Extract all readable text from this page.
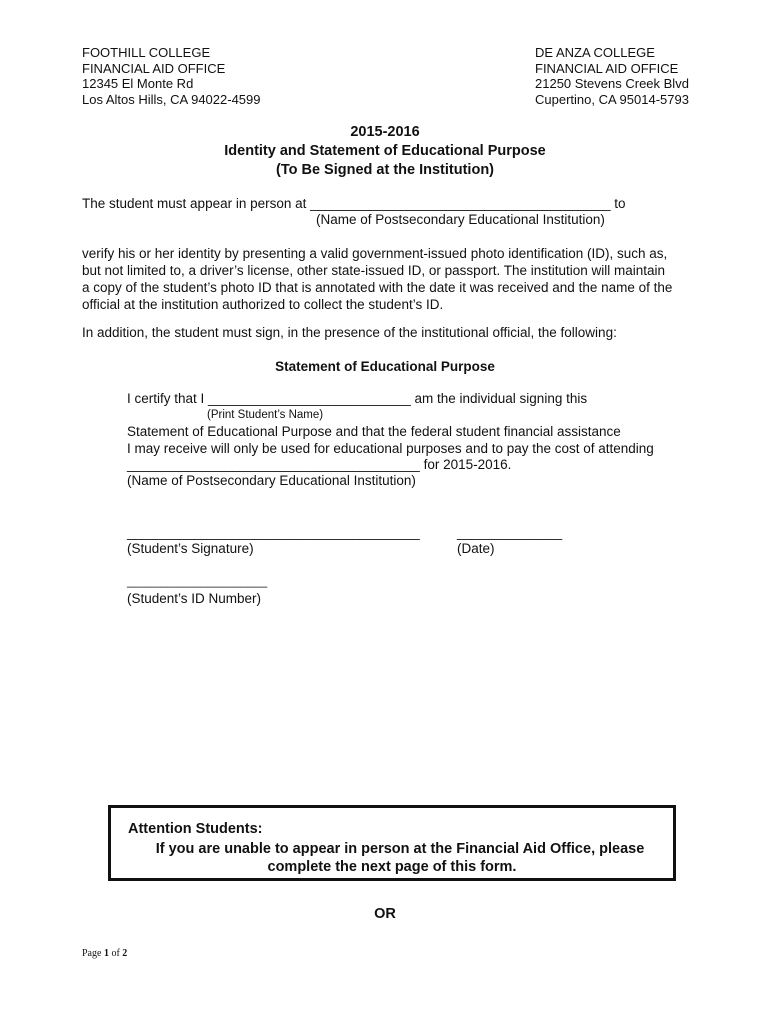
FOOTHILL COLLEGE
FINANCIAL AID OFFICE
12345 El Monte Rd
Los Altos Hills, CA 94022-4599
DE ANZA COLLEGE
FINANCIAL AID OFFICE
21250 Stevens Creek Blvd
Cupertino, CA 95014-5793
2015-2016
Identity and Statement of Educational Purpose
(To Be Signed at the Institution)
The student must appear in person at ________________________________________ to
(Name of Postsecondary Educational Institution)
verify his or her identity by presenting a valid government-issued photo identification (ID), such as,
but not limited to, a driver’s license, other state-issued ID, or passport. The institution will maintain
a copy of the student’s photo ID that is annotated with the date it was received and the name of the
official at the institution authorized to collect the student’s ID.
In addition, the student must sign, in the presence of the institutional official, the following:
Statement of Educational Purpose
I certify that I ___________________________ am the individual signing this
(Print Student’s Name)
Statement of Educational Purpose and that the federal student financial assistance
I may receive will only be used for educational purposes and to pay the cost of attending
_______________________________________ for 2015-2016.
(Name of Postsecondary Educational Institution)
_______________________________________	______________
(Student’s Signature)	(Date)
_____________________
(Student’s ID Number)
Attention Students:
If you are unable to appear in person at the Financial Aid Office, please
complete the next page of this form.
OR
Page 1 of 2
